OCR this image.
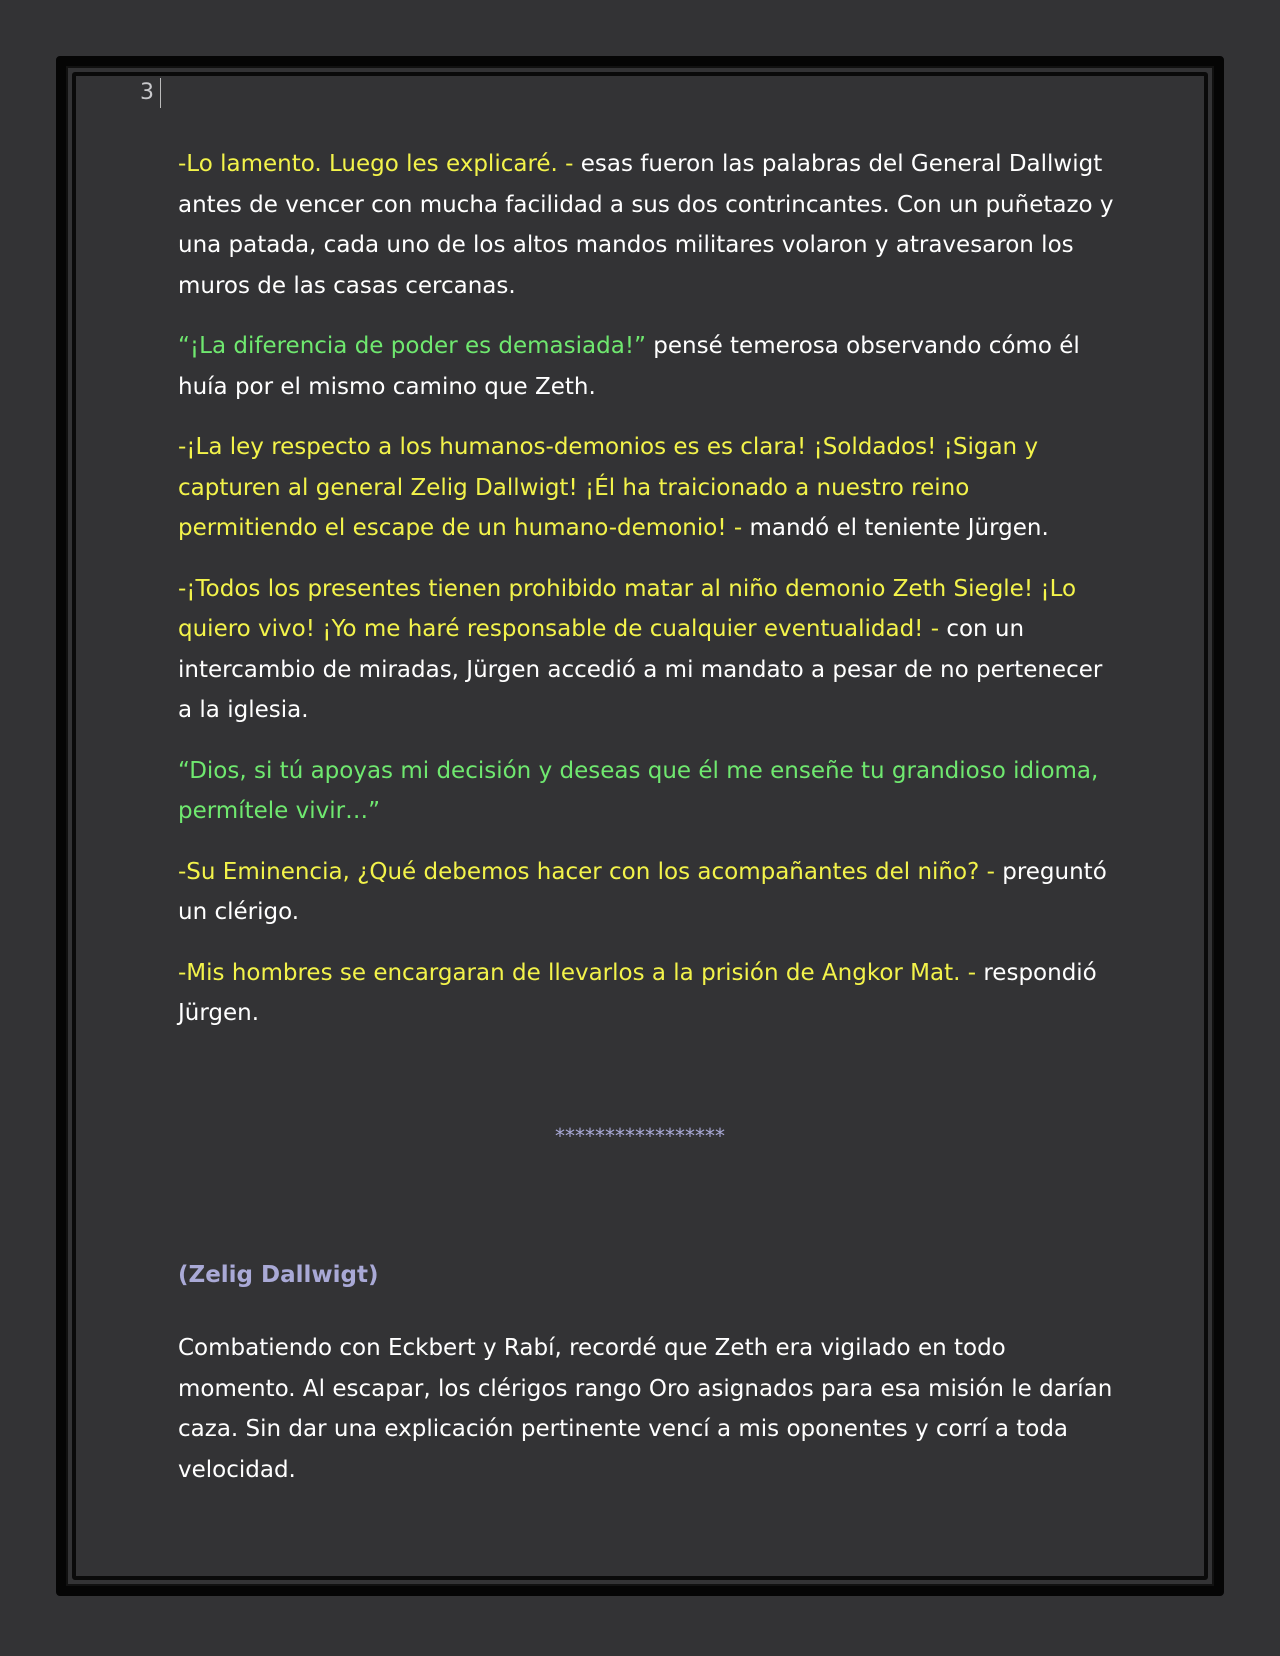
3

-Lo lamento. Luego les explicaré. - esas fueron las palabras del General Dallwigt antes de vencer con mucha facilidad a sus dos contrincantes. Con un puñetazo y una patada, cada uno de los altos mandos militares volaron y atravesaron los muros de las casas cercanas.

“¡La diferencia de poder es demasiada!” pensé temerosa observando cómo él huía por el mismo camino que Zeth.

-¡La ley respecto a los humanos-demonios es es clara! ¡Soldados! ¡Sigan y capturen al general Zelig Dallwigt! ¡Él ha traicionado a nuestro reino permitiendo el escape de un humano-demonio! - mandó el teniente Jürgen.

-¡Todos los presentes tienen prohibido matar al niño demonio Zeth Siegle! ¡Lo quiero vivo! ¡Yo me haré responsable de cualquier eventualidad! - con un intercambio de miradas, Jürgen accedió a mi mandato a pesar de no pertenecer a la iglesia.

“Dios, si tú apoyas mi decisión y deseas que él me enseñe tu grandioso idioma, permítele vivir…”

-Su Eminencia, ¿Qué debemos hacer con los acompañantes del niño? - preguntó un clérigo.

-Mis hombres se encargaran de llevarlos a la prisión de Angkor Mat. - respondió Jürgen.

*****************
(Zelig Dallwigt)

Combatiendo con Eckbert y Rabí, recordé que Zeth era vigilado en todo momento. Al escapar, los clérigos rango Oro asignados para esa misión le darían caza. Sin dar una explicación pertinente vencí a mis oponentes y corrí a toda velocidad.
